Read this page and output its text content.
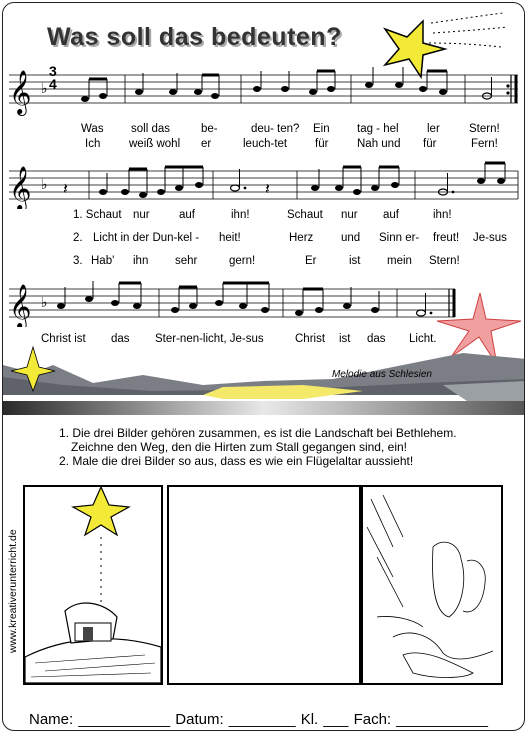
Was soll das bedeuten?
𝄞 ♭
3
4
Was soll das	be-	deu- ten? Ein tag - hel ler	Stern!
Ich weiß wohl er	leuch-tet für Nah und für	Fern!
𝄞 ♭ 𝄽	𝄽
1. Schaut nur	auf	ihn!	Schaut nur auf	ihn!
2. Licht in der Dun-kel - heit!	Herz und Sinn er- freut! Je-sus
3. Hab' ihn sehr	gern!	Er	ist mein Stern!
𝄞 ♭
Christ ist das Ster-nen-licht, Je-sus	Christ ist das Licht.
Melodie aus Schlesien
1. Die drei Bilder gehören zusammen, es ist die Landschaft bei Bethlehem.
Zeichne den Weg, den die Hirten zum Stall gegangen sind, ein!
2. Male die drei Bilder so aus, dass es wie ein Flügelaltar aussieht!
www.kreativerunterricht.de
Name: ___________ Datum: ________ Kl. ___ Fach: ___________
